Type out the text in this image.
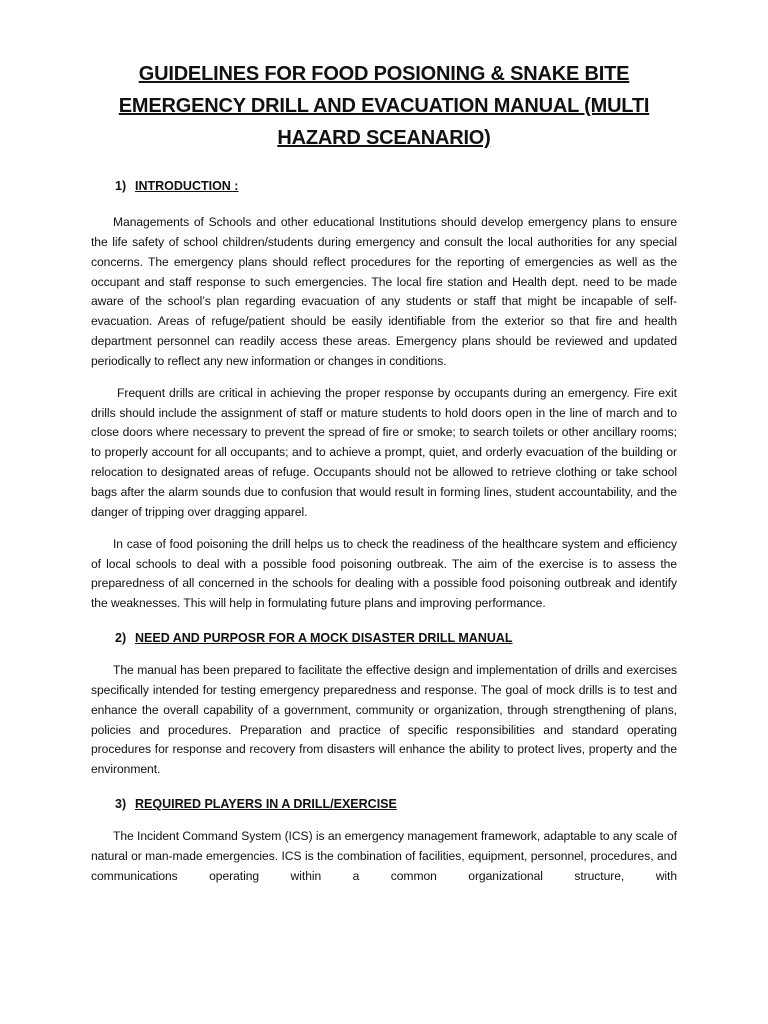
GUIDELINES FOR FOOD POSIONING & SNAKE BITE EMERGENCY DRILL AND EVACUATION MANUAL (MULTI HAZARD SCEANARIO)
1) INTRODUCTION :

Managements of Schools and other educational Institutions should develop emergency plans to ensure the life safety of school children/students during emergency and consult the local authorities for any special concerns. The emergency plans should reflect procedures for the reporting of emergencies as well as the occupant and staff response to such emergencies. The local fire station and Health dept. need to be made aware of the school’s plan regarding evacuation of any students or staff that might be incapable of self-evacuation. Areas of refuge/patient should be easily identifiable from the exterior so that fire and health department personnel can readily access these areas. Emergency plans should be reviewed and updated periodically to reflect any new information or changes in conditions.

Frequent drills are critical in achieving the proper response by occupants during an emergency. Fire exit drills should include the assignment of staff or mature students to hold doors open in the line of march and to close doors where necessary to prevent the spread of fire or smoke; to search toilets or other ancillary rooms; to properly account for all occupants; and to achieve a prompt, quiet, and orderly evacuation of the building or relocation to designated areas of refuge. Occupants should not be allowed to retrieve clothing or take school bags after the alarm sounds due to confusion that would result in forming lines, student accountability, and the danger of tripping over dragging apparel.

In case of food poisoning the drill helps us to check the readiness of the healthcare system and efficiency of local schools to deal with a possible food poisoning outbreak. The aim of the exercise is to assess the preparedness of all concerned in the schools for dealing with a possible food poisoning outbreak and identify the weaknesses. This will help in formulating future plans and improving performance.

2) NEED AND PURPOSR FOR A MOCK DISASTER DRILL MANUAL

The manual has been prepared to facilitate the effective design and implementation of drills and exercises specifically intended for testing emergency preparedness and response. The goal of mock drills is to test and enhance the overall capability of a government, community or organization, through strengthening of plans, policies and procedures. Preparation and practice of specific responsibilities and standard operating procedures for response and recovery from disasters will enhance the ability to protect lives, property and the environment.

3) REQUIRED PLAYERS IN A DRILL/EXERCISE

The Incident Command System (ICS) is an emergency management framework, adaptable to any scale of natural or man-made emergencies. ICS is the combination of facilities, equipment, personnel, procedures, and communications operating within a common organizational structure, with
